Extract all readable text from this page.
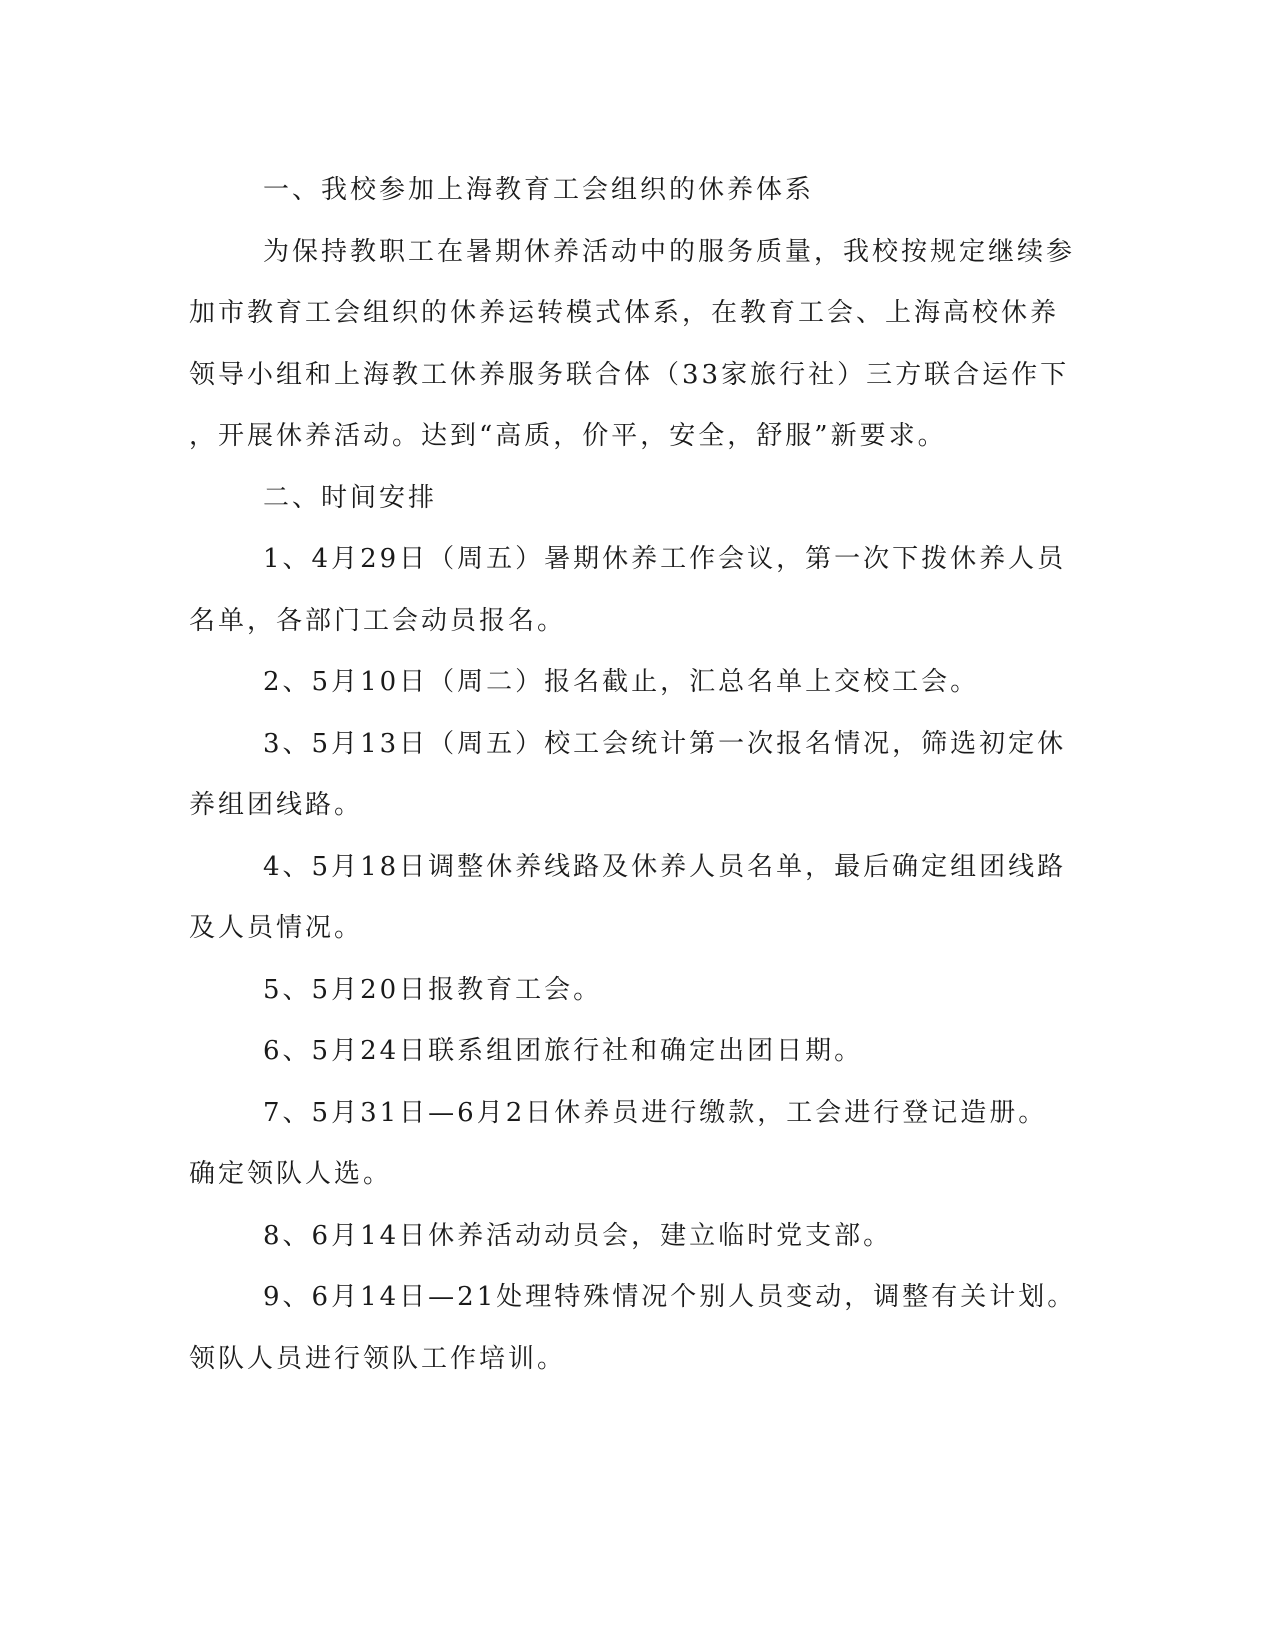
一、我校参加上海教育工会组织的休养体系

为保持教职工在暑期休养活动中的服务质量，我校按规定继续参
加市教育工会组织的休养运转模式体系，在教育工会、上海高校休养
领导小组和上海教工休养服务联合体（33家旅行社）三方联合运作下
，开展休养活动。达到“高质，价平，安全，舒服”新要求。

二、时间安排

1、4月29日（周五）暑期休养工作会议，第一次下拨休养人员
名单，各部门工会动员报名。

2、5月10日（周二）报名截止，汇总名单上交校工会。

3、5月13日（周五）校工会统计第一次报名情况，筛选初定休
养组团线路。

4、5月18日调整休养线路及休养人员名单，最后确定组团线路
及人员情况。

5、5月20日报教育工会。

6、5月24日联系组团旅行社和确定出团日期。

7、5月31日—6月2日休养员进行缴款，工会进行登记造册。
确定领队人选。

8、6月14日休养活动动员会，建立临时党支部。

9、6月14日—21处理特殊情况个别人员变动，调整有关计划。
领队人员进行领队工作培训。
